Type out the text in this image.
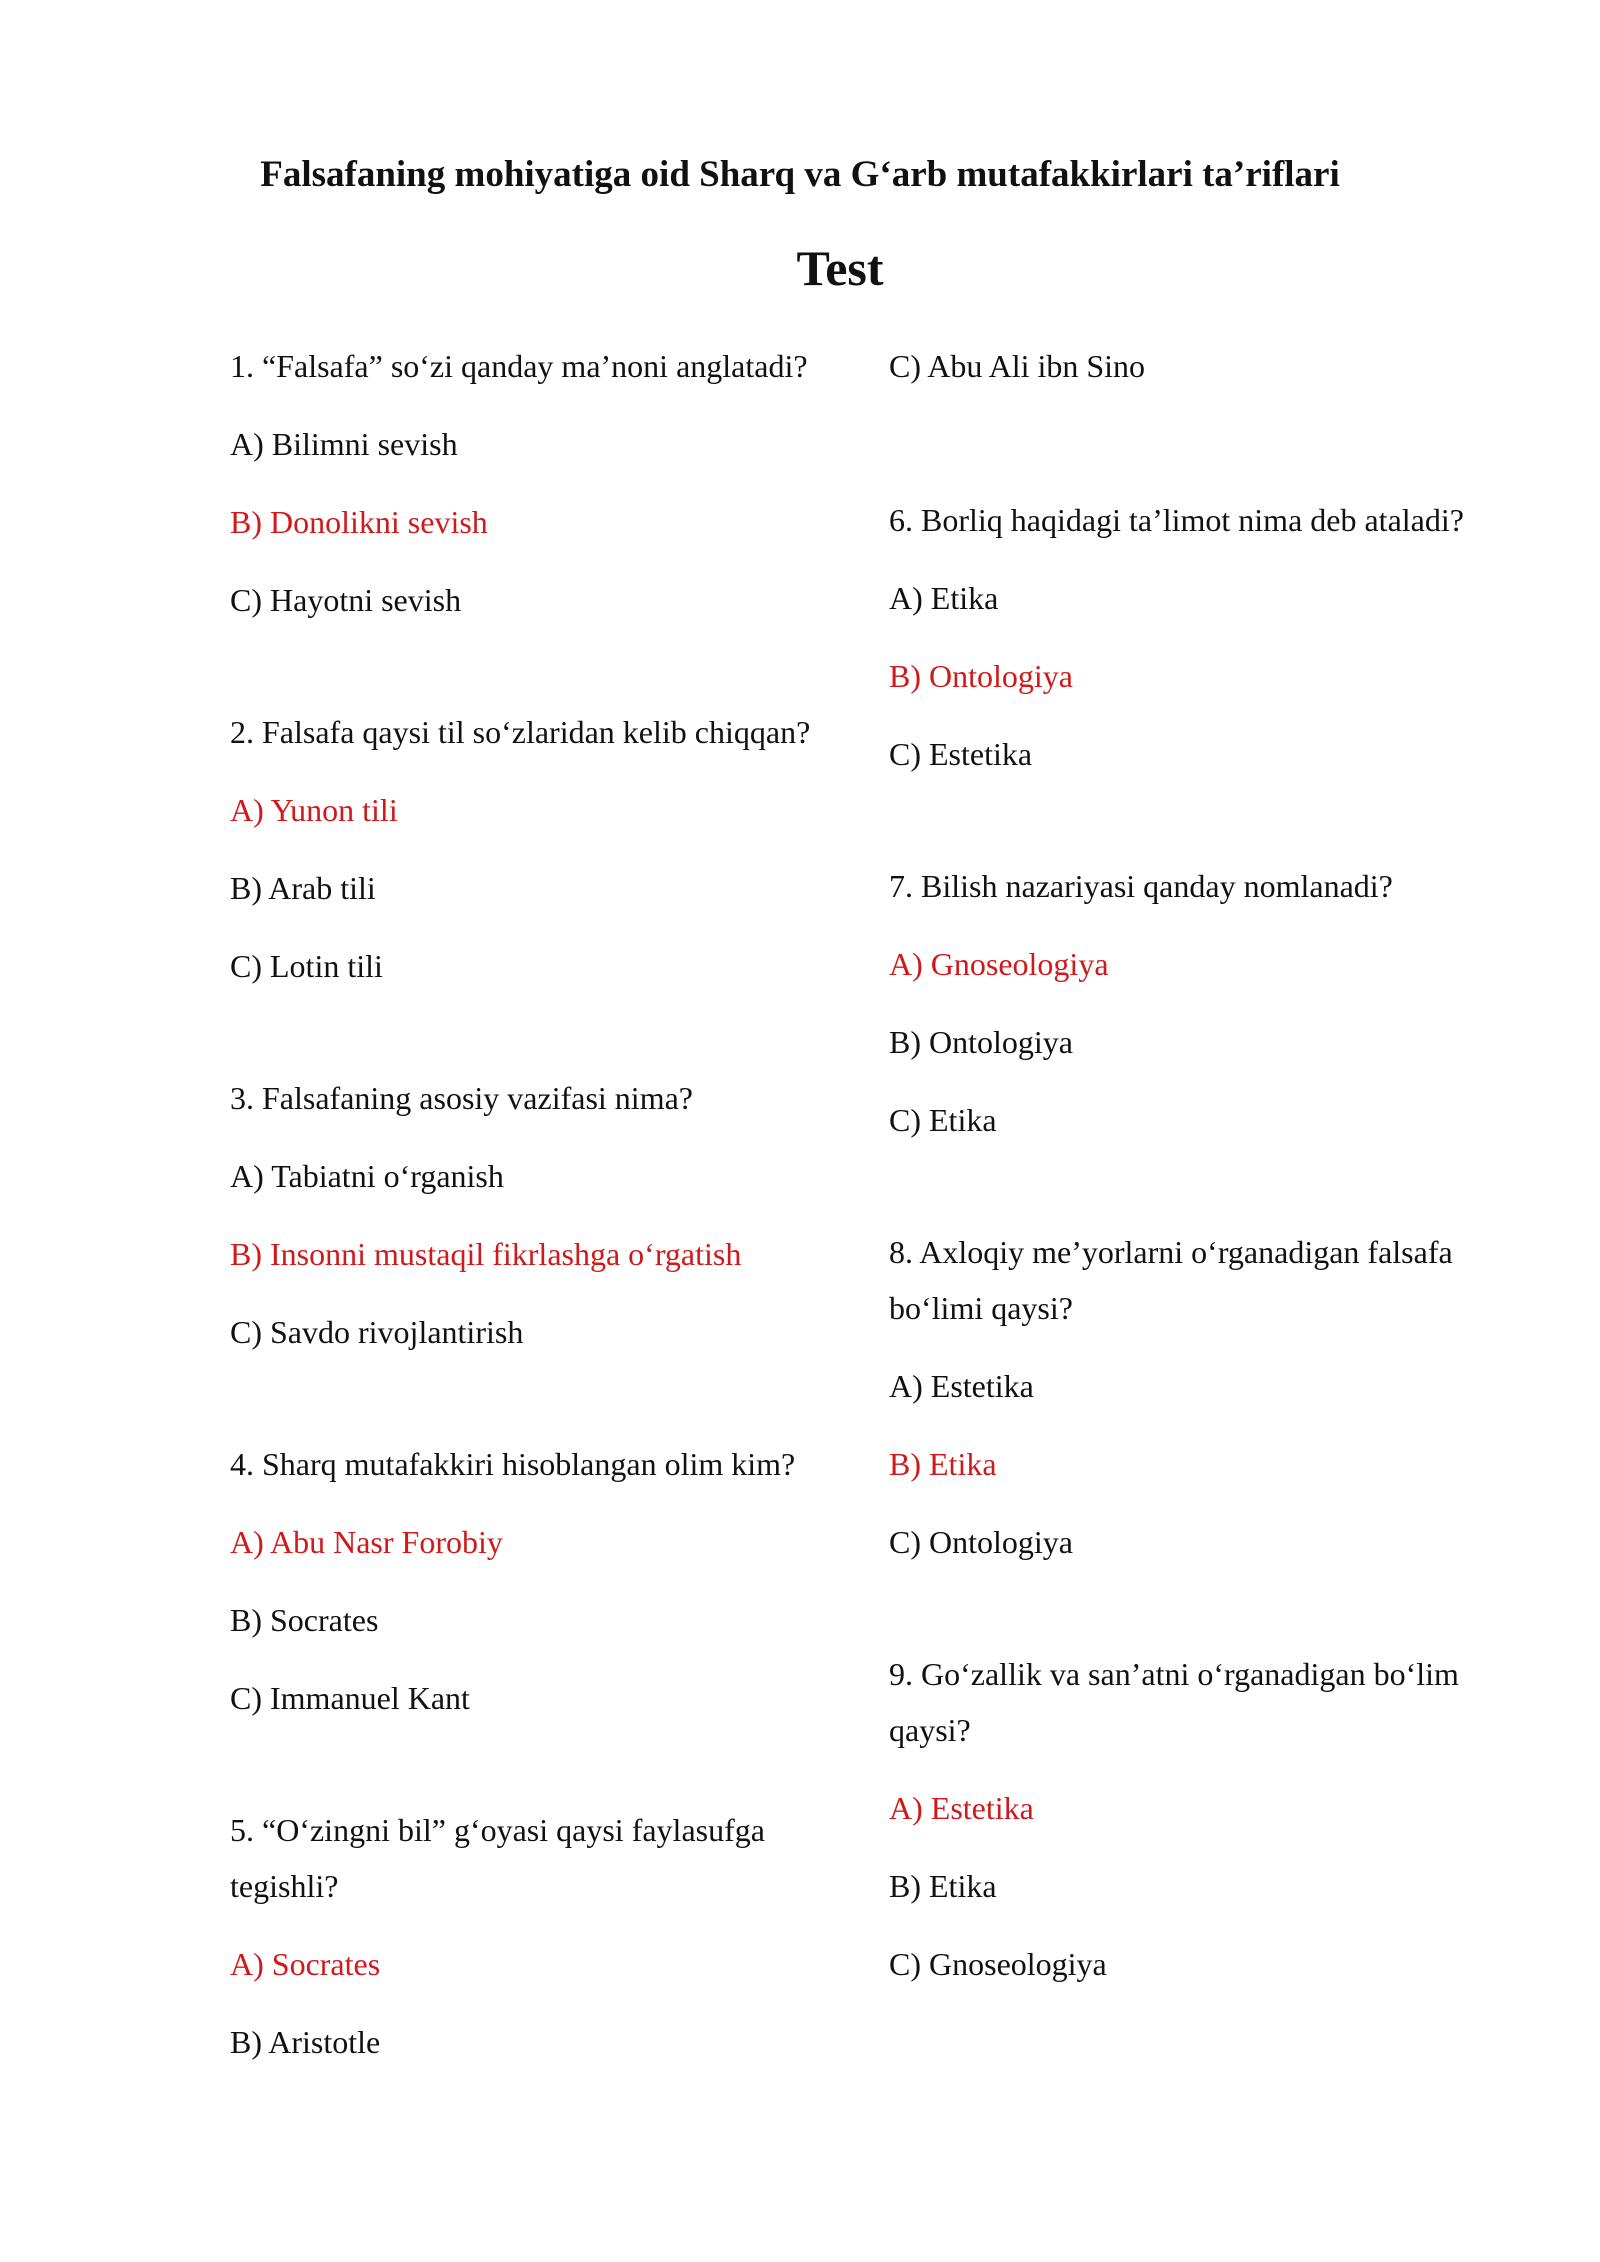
Falsafaning mohiyatiga oid Sharq va G‘arb mutafakkirlari ta’riflari
Test
1. “Falsafa” so‘zi qanday ma’noni anglatadi?
A) Bilimni sevish
B) Donolikni sevish
C) Hayotni sevish
2. Falsafa qaysi til so‘zlaridan kelib chiqqan?
A) Yunon tili
B) Arab tili
C) Lotin tili
3. Falsafaning asosiy vazifasi nima?
A) Tabiatni o‘rganish
B) Insonni mustaqil fikrlashga o‘rgatish
C) Savdo rivojlantirish
4. Sharq mutafakkiri hisoblangan olim kim?
A) Abu Nasr Forobiy
B) Socrates
C) Immanuel Kant
5. “O‘zingni bil” g‘oyasi qaysi faylasufga tegishli?
A) Socrates
B) Aristotle
C) Abu Ali ibn Sino
6. Borliq haqidagi ta’limot nima deb ataladi?
A) Etika
B) Ontologiya
C) Estetika
7. Bilish nazariyasi qanday nomlanadi?
A) Gnoseologiya
B) Ontologiya
C) Etika
8. Axloqiy me’yorlarni o‘rganadigan falsafa bo‘limi qaysi?
A) Estetika
B) Etika
C) Ontologiya
9. Go‘zallik va san’atni o‘rganadigan bo‘lim qaysi?
A) Estetika
B) Etika
C) Gnoseologiya
